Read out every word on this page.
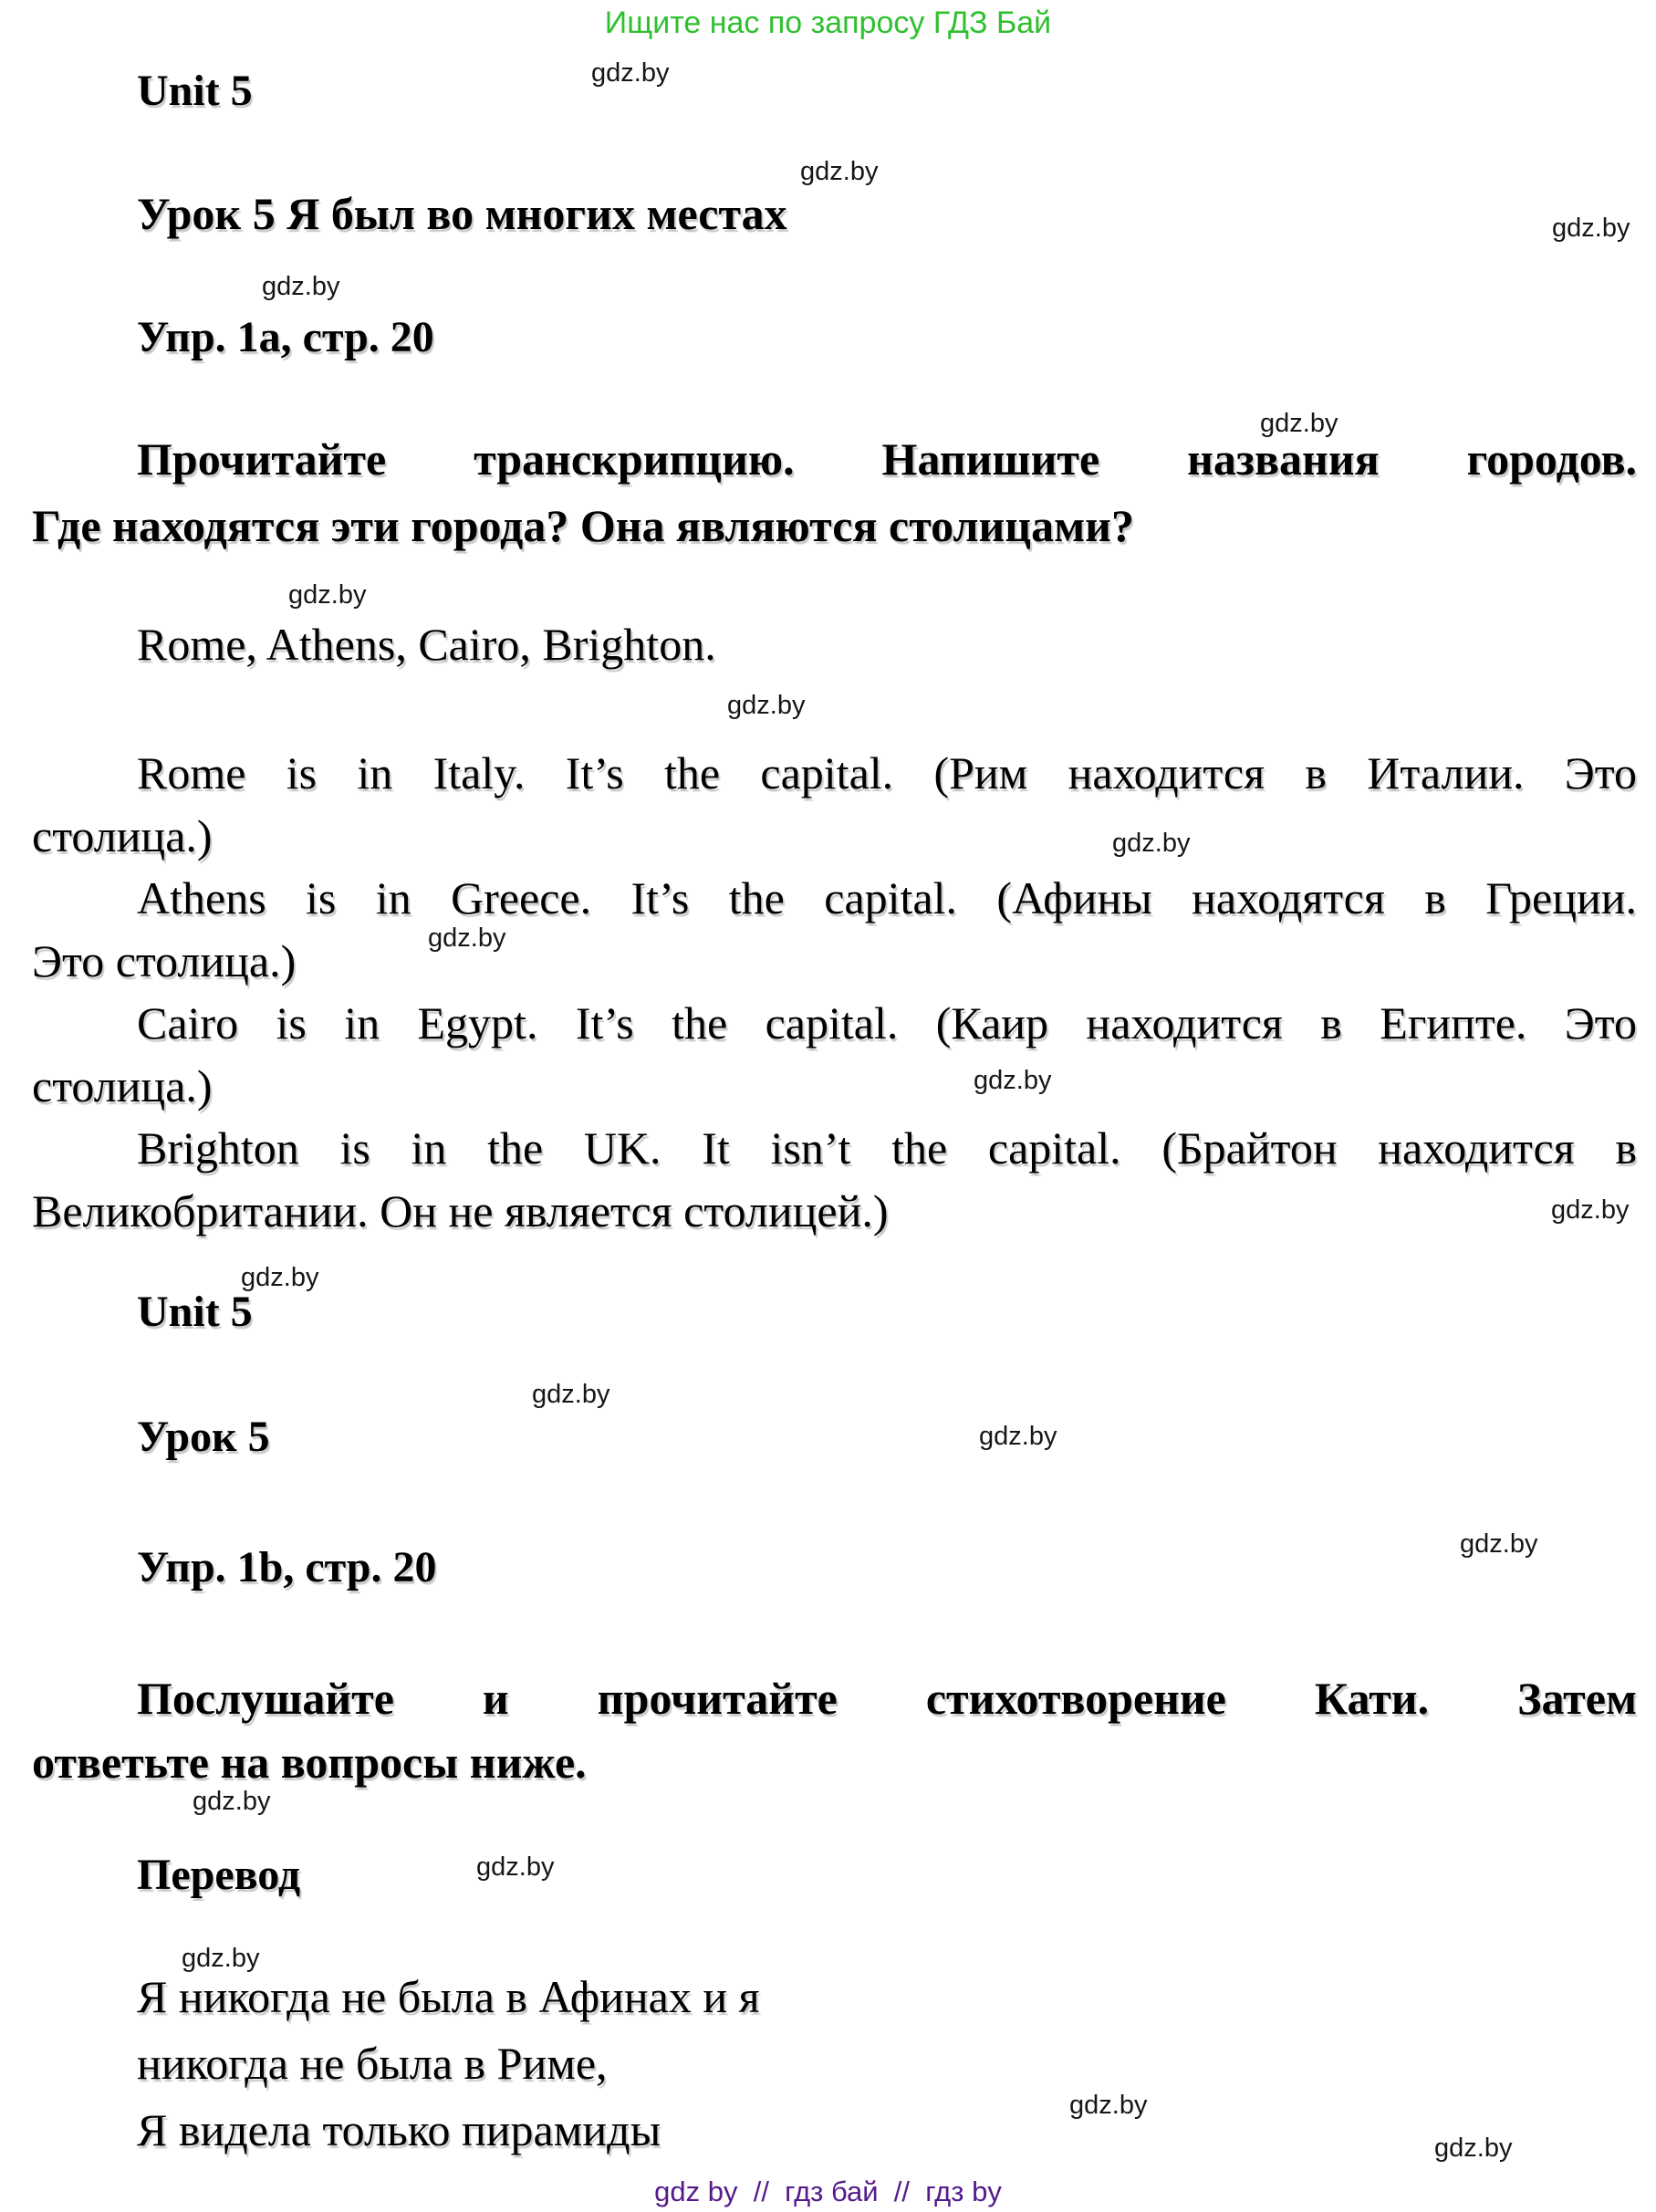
Ищите нас по запросу ГДЗ Бай
Unit 5
Урок 5 Я был во многих местах
Упр. 1а, стр. 20
Прочитайте транскрипцию. Напишите названия городов.
Где находятся эти города? Она являются столицами?
Rome, Athens, Cairo, Brighton.
Rome is in Italy. It’s the capital. (Рим находится в Италии. Это
столица.)
Athens is in Greece. It’s the capital. (Афины находятся в Греции.
Это столица.)
Cairo is in Egypt. It’s the capital. (Каир находится в Египте. Это
столица.)
Brighton is in the UK. It isn’t the capital. (Брайтон находится в
Великобритании. Он не является столицей.)
Unit 5
Урок 5
Упр. 1b, стр. 20
Послушайте и прочитайте стихотворение Кати. Затем
ответьте на вопросы ниже.
Перевод
Я никогда не была в Афинах и я
никогда не была в Риме,
Я видела только пирамиды
gdz.by
gdz.by
gdz.by
gdz.by
gdz.by
gdz.by
gdz.by
gdz.by
gdz.by
gdz.by
gdz.by
gdz.by
gdz.by
gdz.by
gdz.by
gdz.by
gdz.by
gdz.by
gdz.by
gdz.by
gdz by  //  гдз бай  //  гдз by
